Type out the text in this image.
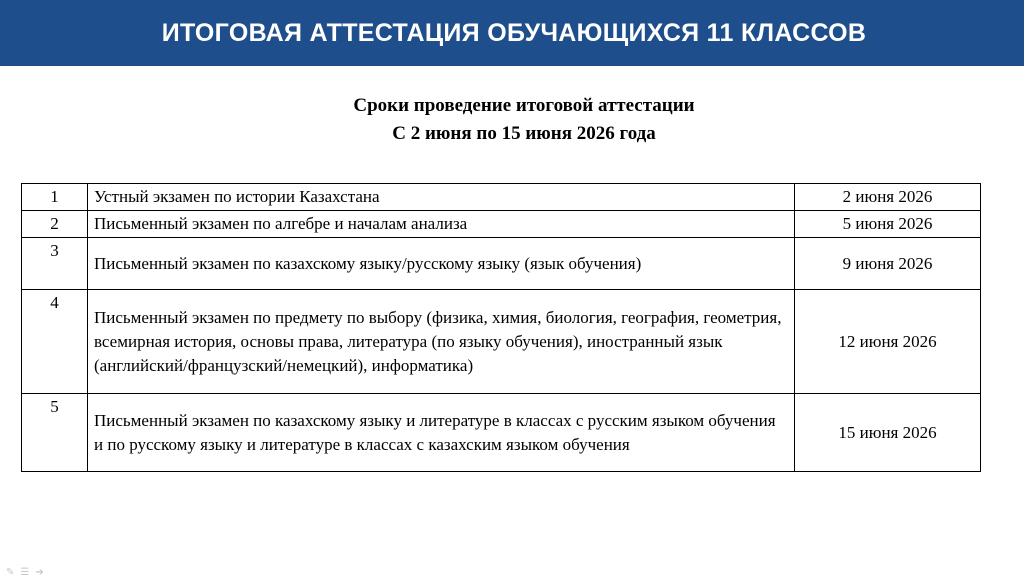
ИТОГОВАЯ АТТЕСТАЦИЯ ОБУЧАЮЩИХСЯ 11 КЛАССОВ
Сроки проведение итоговой аттестации
С 2 июня по 15 июня 2026 года
1	Устный экзамен по истории Казахстана	2 июня 2026
2	Письменный экзамен по алгебре и началам анализа	5 июня 2026
3	Письменный экзамен по казахскому языку/русскому языку (язык обучения)	9 июня 2026
4	Письменный экзамен по предмету по выбору (физика, химия, биология, география, геометрия, всемирная история, основы права, литература (по языку обучения), иностранный язык (английский/французский/немецкий), информатика)	12 июня 2026
5	Письменный экзамен по казахскому языку и литературе в классах с русским языком обучения и по русскому языку и литературе в классах с казахским языком обучения	15 июня 2026
✎ ☰ ➔
